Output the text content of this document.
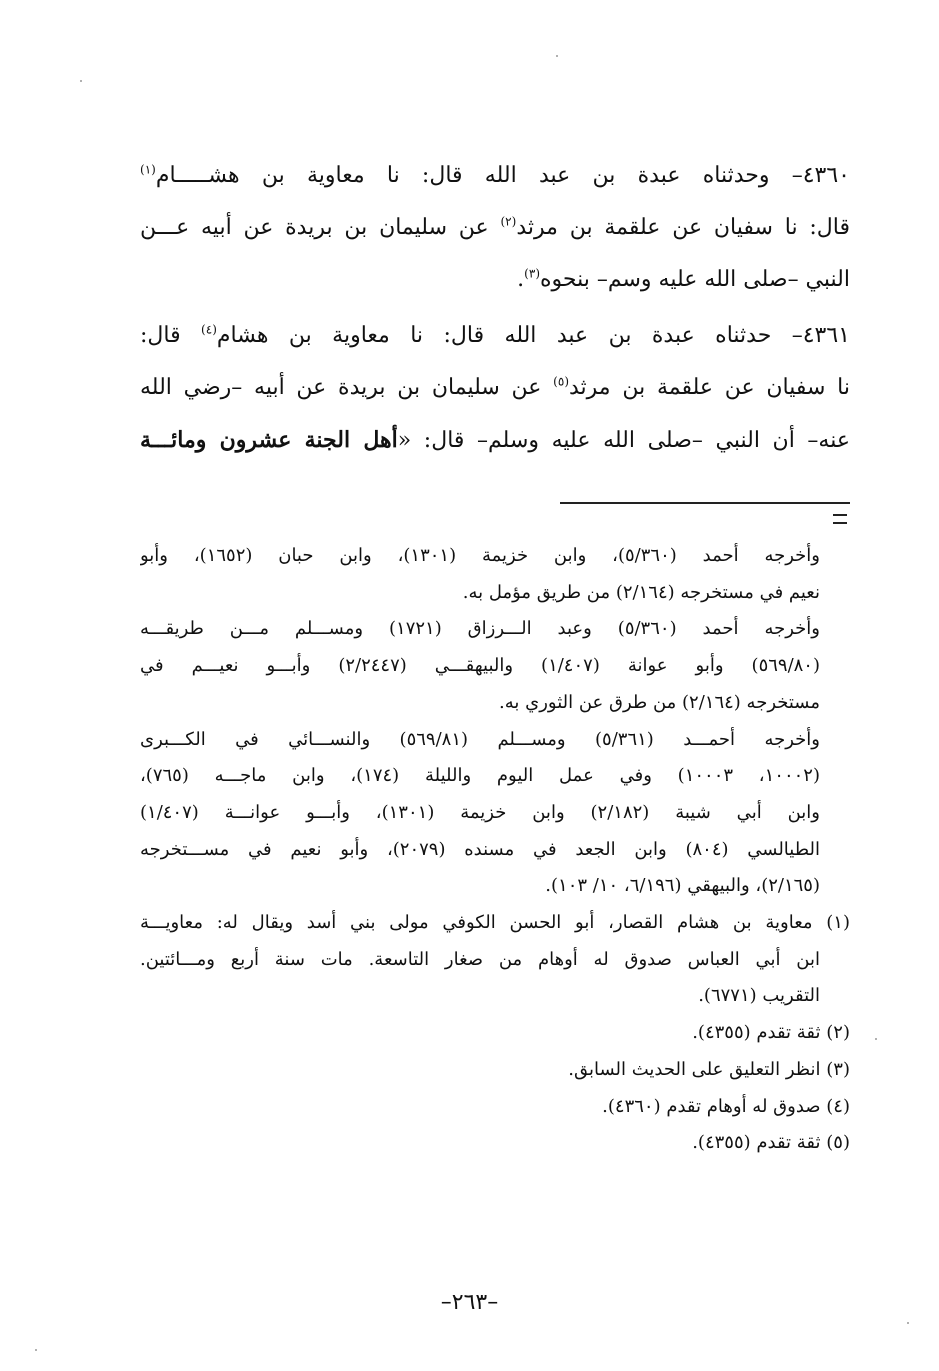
٤٣٦٠– وحدثناه عبدة بن عبد الله قال: نا معاوية بن هشـــــام$^{(١)}$
قال: نا سفيان عن علقمة بن مرثد$^{(٢)}$ عن سليمان بن بريدة عن أبيه عـــن
النبي –صلى الله عليه وسم– بنحوه$^{(٣)}$.
٤٣٦١– حدثناه عبدة بن عبد الله قال: نا معاوية بن هشام$^{(٤)}$ قال:
نا سفيان عن علقمة بن مرثد$^{(٥)}$ عن سليمان بن بريدة عن أبيه –رضي الله
عنه– أن النبي –صلى الله عليه وسلم– قال: «أهل الجنة عشرون ومائـــة
وأخرجه أحمد (٥/٣٦٠)، وابن خزيمة (١٣٠١)، وابن حبان (١٦٥٢)، وأبو
نعيم في مستخرجه (٢/١٦٤) من طريق مؤمل به.
وأخرجه أحمد (٥/٣٦٠) وعبد الـــرزاق (١٧٢١) ومســـلم مـــن طريقـــه
(٥٦٩/٨٠) وأبو عوانة (١/٤٠٧) والبيهقـــي (٢/٢٤٤٧) وأبـــو نعيـــم في
مستخرجه (٢/١٦٤) من طرق عن الثوري به.
وأخرجه أحمـــد (٥/٣٦١) ومســـلم (٥٦٩/٨١) والنســـائي في الكـــبرى
(١٠٠٠٢، ١٠٠٠٣) وفي عمل اليوم والليلة (١٧٤)، وابن ماجـــه (٧٦٥)،
وابن أبي شيبة (٢/١٨٢) وابن خزيمة (١٣٠١)، وأبـــو عوانـــة (١/٤٠٧)
الطيالسي (٨٠٤) وابن الجعد في مسنده (٢٠٧٩)، وأبو نعيم في مســـتخرجه
(٢/١٦٥)، والبيهقي (٦/١٩٦، ١٠/ ١٠٣).
(١) معاوية بن هشام القصار، أبو الحسن الكوفي مولى بني أسد ويقال له: معاويـــة
ابن أبي العباس صدوق له أوهام من صغار التاسعة. مات سنة أربع ومـــائتين.
التقريب (٦٧٧١).
(٢) ثقة تقدم (٤٣٥٥).
(٣) انظر التعليق على الحديث السابق.
(٤) صدوق له أوهام تقدم (٤٣٦٠).
(٥) ثقة تقدم (٤٣٥٥).
–٢٦٣–
